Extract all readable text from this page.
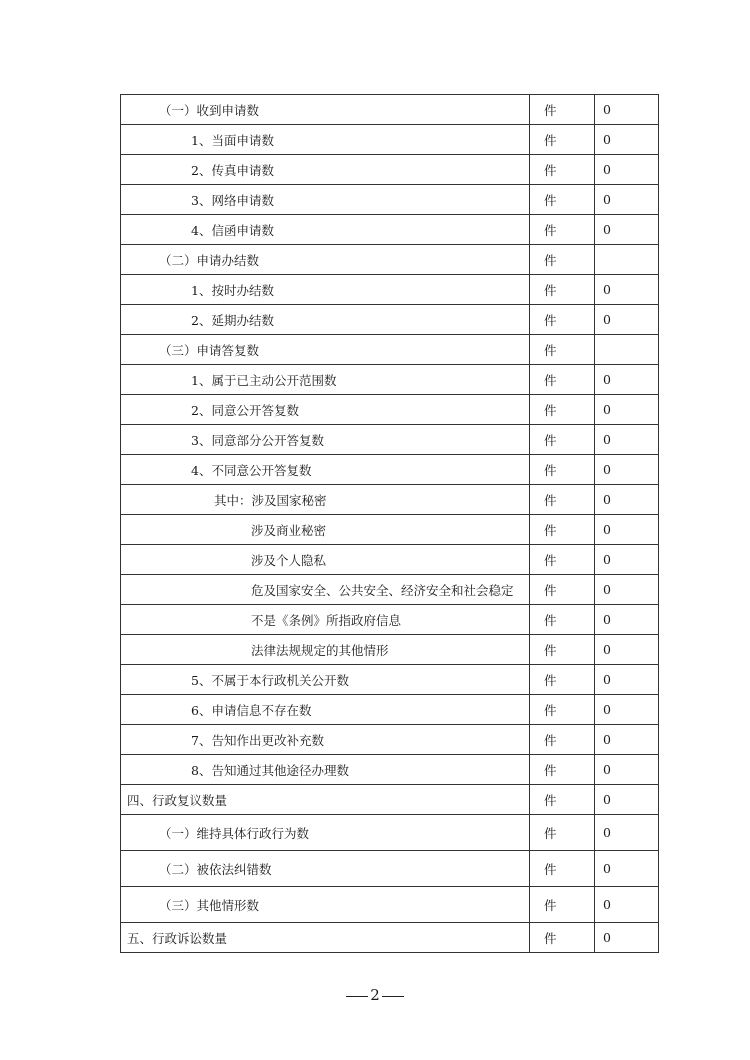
（一）收到申请数	件	0
1、当面申请数	件	0
2、传真申请数	件	0
3、网络申请数	件	0
4、信函申请数	件	0
（二）申请办结数	件	
1、按时办结数	件	0
2、延期办结数	件	0
（三）申请答复数	件	
1、属于已主动公开范围数	件	0
2、同意公开答复数	件	0
3、同意部分公开答复数	件	0
4、不同意公开答复数	件	0
其中：涉及国家秘密	件	0
涉及商业秘密	件	0
涉及个人隐私	件	0
危及国家安全、公共安全、经济安全和社会稳定	件	0
不是《条例》所指政府信息	件	0
法律法规规定的其他情形	件	0
5、不属于本行政机关公开数	件	0
6、申请信息不存在数	件	0
7、告知作出更改补充数	件	0
8、告知通过其他途径办理数	件	0
四、行政复议数量	件	0
（一）维持具体行政行为数	件	0
（二）被依法纠错数	件	0
（三）其他情形数	件	0
五、行政诉讼数量	件	0
2
